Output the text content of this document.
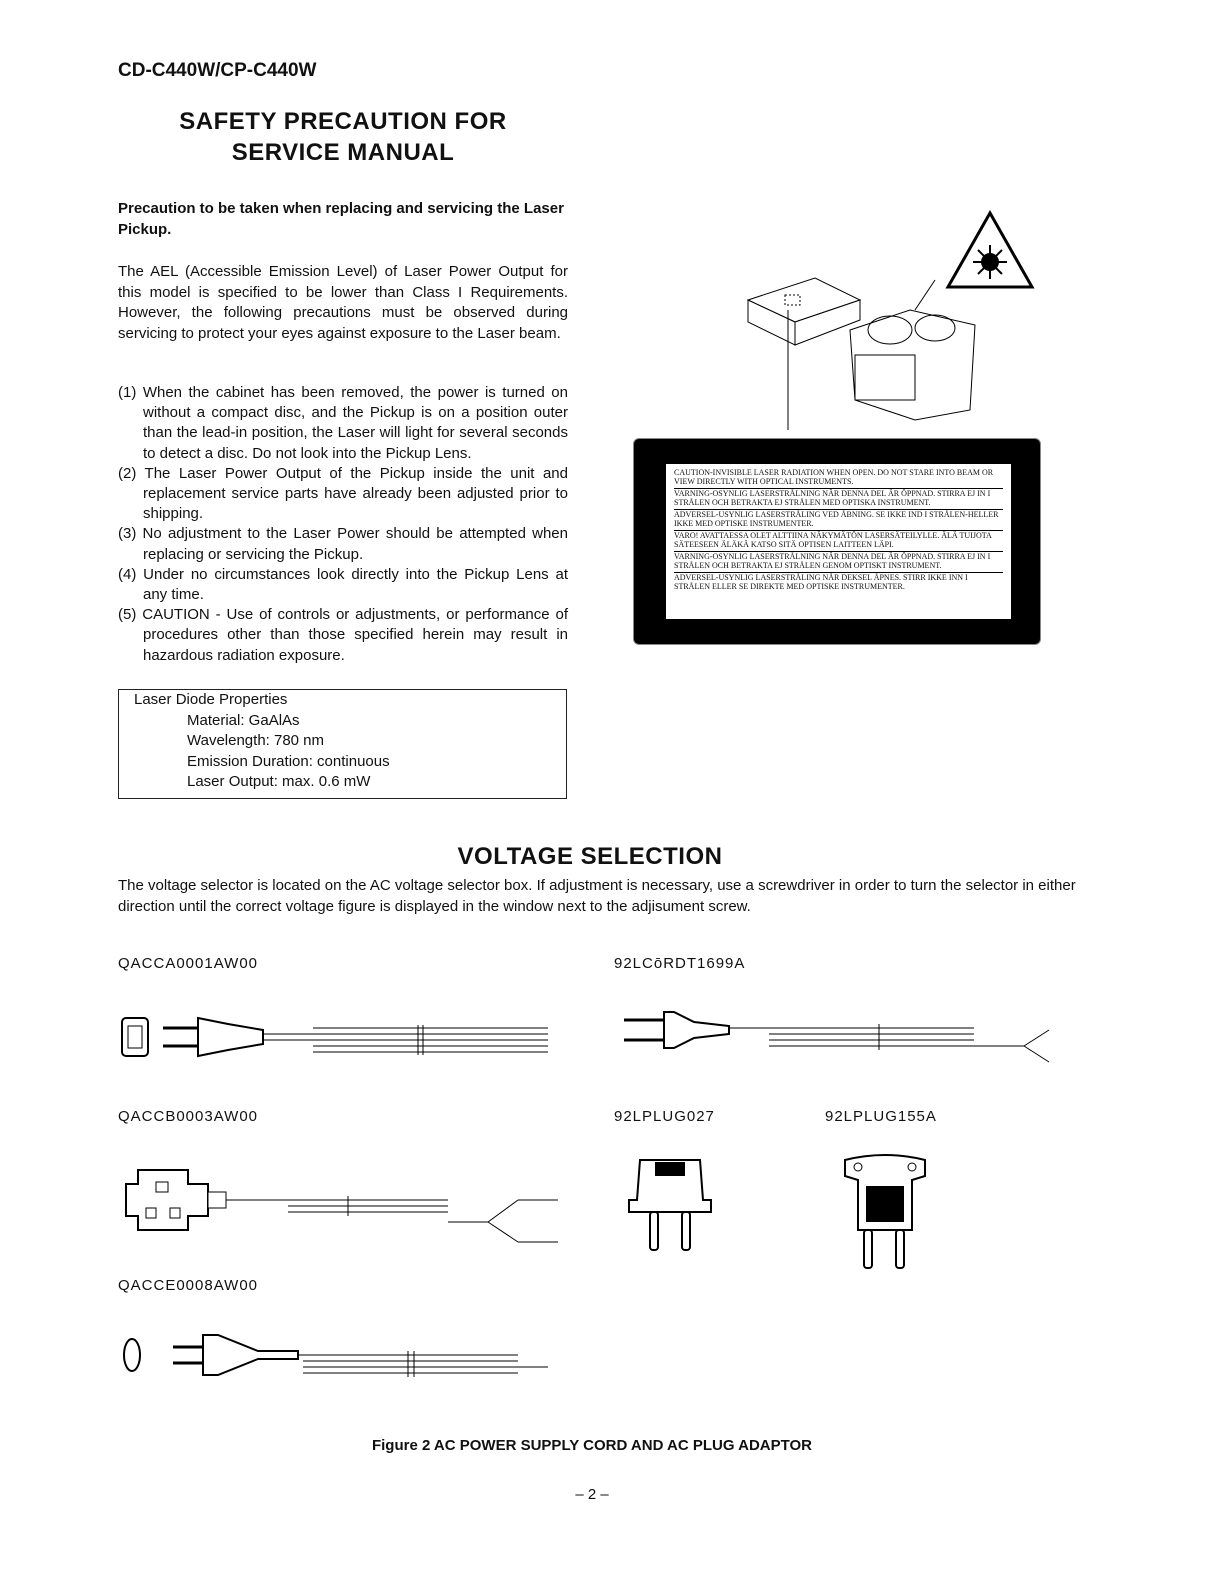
CD-C440W/CP-C440W
SAFETY PRECAUTION FOR
SERVICE MANUAL
Precaution to be taken when replacing and servicing the Laser Pickup.
The AEL (Accessible Emission Level) of Laser Power Output for this model is specified to be lower than Class I Requirements. However, the following precautions must be observed during servicing to protect your eyes against exposure to the Laser beam.
(1) When the cabinet has been removed, the power is turned on without a compact disc, and the Pickup is on a position outer than the lead-in position, the Laser will light for several seconds to detect a disc. Do not look into the Pickup Lens.
(2) The Laser Power Output of the Pickup inside the unit and replacement service parts have already been adjusted prior to shipping.
(3) No adjustment to the Laser Power should be attempted when replacing or servicing the Pickup.
(4) Under no circumstances look directly into the Pickup Lens at any time.
(5) CAUTION - Use of controls or adjustments, or performance of procedures other than those specified herein may result in hazardous radiation exposure.
Laser Diode Properties
Material: GaAlAs
Wavelength: 780 nm
Emission Duration: continuous
Laser Output: max. 0.6 mW
CAUTION-INVISIBLE LASER RADIATION WHEN OPEN. DO NOT STARE INTO BEAM OR VIEW DIRECTLY WITH OPTICAL INSTRUMENTS.
VARNING-OSYNLIG LASERSTRÅLNING NÄR DENNA DEL ÄR ÖPPNAD. STIRRA EJ IN I STRÅLEN OCH BETRAKTA EJ STRÅLEN MED OPTISKA INSTRUMENT.
ADVERSEL-USYNLIG LASERSTRÅLING VED ÅBNING. SE IKKE IND I STRÅLEN-HELLER IKKE MED OPTISKE INSTRUMENTER.
VARO! AVATTAESSA OLET ALTTIINA NÄKYMÄTÖN LASERSÄTEILYLLE. ÄLÄ TUIJOTA SÄTEESEEN ÄLÄKÄ KATSO SITÄ OPTISEN LAITTEEN LÄPI.
VARNING-OSYNLIG LASERSTRÅLNING NÄR DENNA DEL ÄR ÖPPNAD. STIRRA EJ IN I STRÅLEN OCH BETRAKTA EJ STRÅLEN GENOM OPTISKT INSTRUMENT.
ADVERSEL-USYNLIG LASERSTRÅLING NÅR DEKSEL ÅPNES. STIRR IKKE INN I STRÅLEN ELLER SE DIREKTE MED OPTISKE INSTRUMENTER.
VOLTAGE SELECTION
The voltage selector is located on the AC voltage selector box. If adjustment is necessary, use a screwdriver in order to turn the selector in either direction until the correct voltage figure is displayed in the window next to the adjisument screw.
QACCA0001AW00	92LCōRDT1699A
QACCB0003AW00	92LPLUG027	92LPLUG155A
QACCE0008AW00
Figure 2 AC POWER SUPPLY CORD AND AC PLUG ADAPTOR
– 2 –
